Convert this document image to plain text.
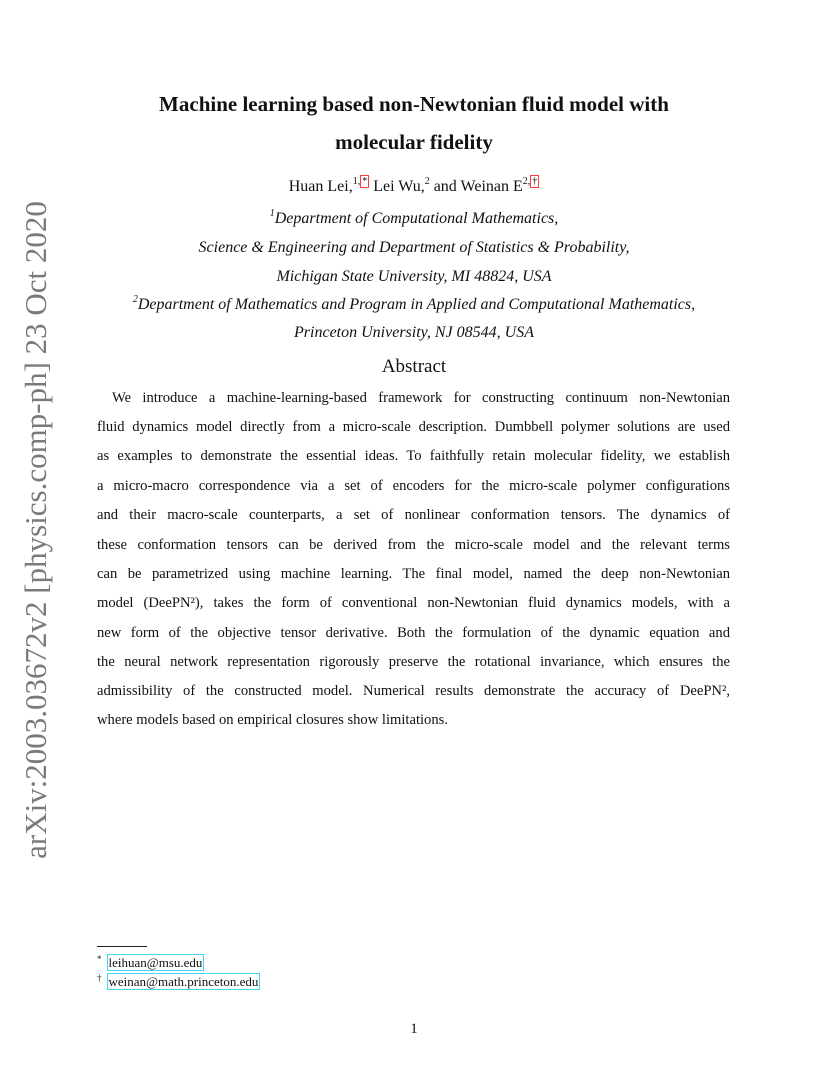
arXiv:2003.03672v2 [physics.comp-ph] 23 Oct 2020
Machine learning based non-Newtonian fluid model with
molecular fidelity
Huan Lei,$^{1, *}$ Lei Wu,$^2$ and Weinan $E^{2, \dagger}$
$^1$Department of Computational Mathematics,
Science & Engineering and Department of Statistics & Probability,
Michigan State University, MI 48824, USA
$^2$Department of Mathematics and Program in Applied and Computational Mathematics,
Princeton University, NJ 08544, USA
Abstract
We introduce a machine-learning-based framework for constructing continuum non-Newtonian
fluid dynamics model directly from a micro-scale description. Dumbbell polymer solutions are used
as examples to demonstrate the essential ideas. To faithfully retain molecular fidelity, we establish
a micro-macro correspondence via a set of encoders for the micro-scale polymer configurations
and their macro-scale counterparts, a set of nonlinear conformation tensors. The dynamics of
these conformation tensors can be derived from the micro-scale model and the relevant terms
can be parametrized using machine learning. The final model, named the deep non-Newtonian
model (DeePN²), takes the form of conventional non-Newtonian fluid dynamics models, with a
new form of the objective tensor derivative. Both the formulation of the dynamic equation and
the neural network representation rigorously preserve the rotational invariance, which ensures the
admissibility of the constructed model. Numerical results demonstrate the accuracy of DeePN²,
where models based on empirical closures show limitations.
* leihuan@msu.edu
† weinan@math.princeton.edu
1
